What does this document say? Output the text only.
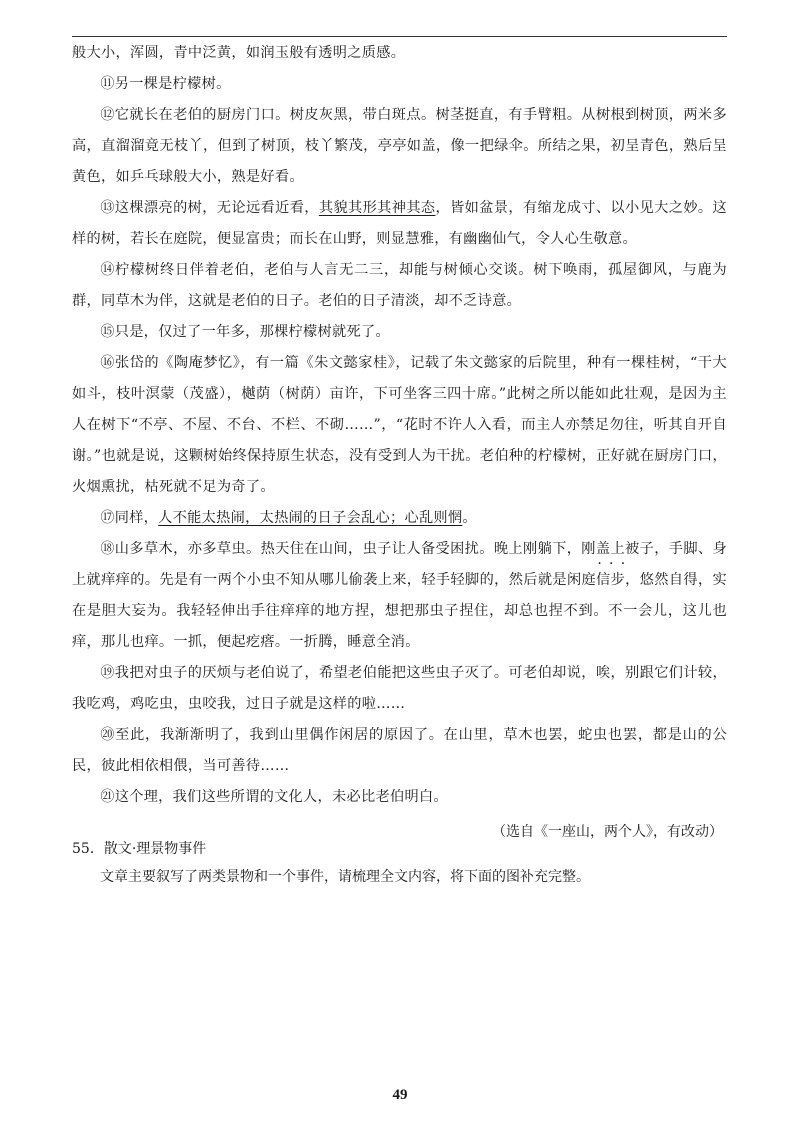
般大小，浑圆，青中泛黄，如润玉般有透明之质感。

⑪另一棵是柠檬树。

⑫它就长在老伯的厨房门口。树皮灰黑，带白斑点。树茎挺直，有手臂粗。从树根到树顶，两米多高，直溜溜竟无枝丫，但到了树顶，枝丫繁茂，亭亭如盖，像一把绿伞。所结之果，初呈青色，熟后呈黄色，如乒乓球般大小，熟是好看。

⑬这棵漂亮的树，无论远看近看，其貌其形其神其态，皆如盆景，有缩龙成寸、以小见大之妙。这样的树，若长在庭院，便显富贵；而长在山野，则显慧雅，有幽幽仙气，令人心生敬意。

⑭柠檬树终日伴着老伯，老伯与人言无二三，却能与树倾心交谈。树下唤雨，孤屋御风，与鹿为群，同草木为伴，这就是老伯的日子。老伯的日子清淡，却不乏诗意。

⑮只是，仅过了一年多，那棵柠檬树就死了。

⑯张岱的《陶庵梦忆》，有一篇《朱文懿家桂》，记载了朱文懿家的后院里，种有一棵桂树，“干大如斗，枝叶溟蒙（茂盛），樾荫（树荫）亩许，下可坐客三四十席。”此树之所以能如此壮观，是因为主人在树下“不亭、不屋、不台、不栏、不砌……”，“花时不许人入看，而主人亦禁足勿往，听其自开自谢。”也就是说，这颗树始终保持原生状态，没有受到人为干扰。老伯种的柠檬树，正好就在厨房门口，火烟熏扰，枯死就不足为奇了。

⑰同样，人不能太热闹，太热闹的日子会乱心；心乱则惘。

⑱山多草木，亦多草虫。热天住在山间，虫子让人备受困扰。晚上刚躺下，刚盖上被子，手脚、身上就痒痒的。先是有一两个小虫不知从哪儿偷袭上来，轻手轻脚的，然后就是· · · · 闲庭信步，悠然自得，实在是胆大妄为。我轻轻伸出手往痒痒的地方捏，想把那虫子捏住，却总也捏不到。不一会儿，这儿也痒，那儿也痒。一抓，便起疙瘩。一折腾，睡意全消。

⑲我把对虫子的厌烦与老伯说了，希望老伯能把这些虫子灭了。可老伯却说，唉，别跟它们计较，我吃鸡，鸡吃虫，虫咬我，过日子就是这样的啦……

⑳至此，我渐渐明了，我到山里偶作闲居的原因了。在山里，草木也罢，蛇虫也罢，都是山的公民，彼此相依相偎，当可善待……

㉑这个理，我们这些所谓的文化人，未必比老伯明白。

（选自《一座山，两个人》，有改动）

55．散文·理景物事件

文章主要叙写了两类景物和一个事件，请梳理全文内容，将下面的图补充完整。

49
